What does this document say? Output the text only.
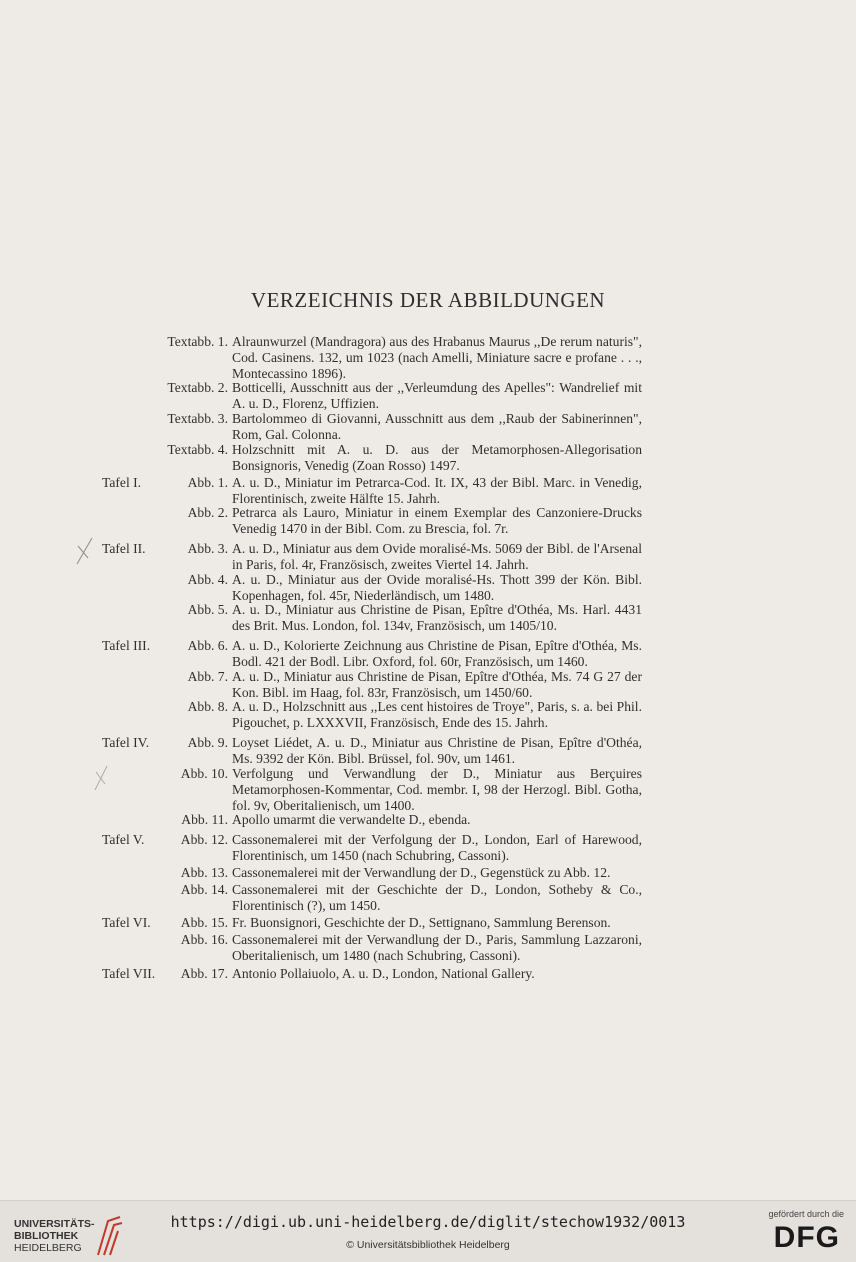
VERZEICHNIS DER ABBILDUNGEN
Textabb. 1. Alraunwurzel (Mandragora) aus des Hrabanus Maurus ,,De rerum naturis", Cod. Casinens. 132, um 1023 (nach Amelli, Miniature sacre e profane . . ., Montecassino 1896).
Textabb. 2. Botticelli, Ausschnitt aus der ,,Verleumdung des Apelles": Wandrelief mit A. u. D., Florenz, Uffizien.
Textabb. 3. Bartolommeo di Giovanni, Ausschnitt aus dem ,,Raub der Sabinerinnen", Rom, Gal. Colonna.
Textabb. 4. Holzschnitt mit A. u. D. aus der Metamorphosen-Allegorisation Bonsignoris, Venedig (Zoan Rosso) 1497.
Tafel I.	Abb. 1. A. u. D., Miniatur im Petrarca-Cod. It. IX, 43 der Bibl. Marc. in Venedig, Florentinisch, zweite Hälfte 15. Jahrh.
Abb. 2. Petrarca als Lauro, Miniatur in einem Exemplar des Canzoniere-Drucks Venedig 1470 in der Bibl. Com. zu Brescia, fol. 7r.
Tafel II.	Abb. 3. A. u. D., Miniatur aus dem Ovide moralisé-Ms. 5069 der Bibl. de l'Arsenal in Paris, fol. 4r, Französisch, zweites Viertel 14. Jahrh.
Abb. 4. A. u. D., Miniatur aus der Ovide moralisé-Hs. Thott 399 der Kön. Bibl. Kopenhagen, fol. 45r, Niederländisch, um 1480.
Abb. 5. A. u. D., Miniatur aus Christine de Pisan, Epître d'Othéa, Ms. Harl. 4431 des Brit. Mus. London, fol. 134v, Französisch, um 1405/10.
Tafel III.	Abb. 6. A. u. D., Kolorierte Zeichnung aus Christine de Pisan, Epître d'Othéa, Ms. Bodl. 421 der Bodl. Libr. Oxford, fol. 60r, Französisch, um 1460.
Abb. 7. A. u. D., Miniatur aus Christine de Pisan, Epître d'Othéa, Ms. 74 G 27 der Kon. Bibl. im Haag, fol. 83r, Französisch, um 1450/60.
Abb. 8. A. u. D., Holzschnitt aus ,,Les cent histoires de Troye", Paris, s. a. bei Phil. Pigouchet, p. LXXXVII, Französisch, Ende des 15. Jahrh.
Tafel IV.	Abb. 9. Loyset Liédet, A. u. D., Miniatur aus Christine de Pisan, Epître d'Othéa, Ms. 9392 der Kön. Bibl. Brüssel, fol. 90v, um 1461.
Abb. 10. Verfolgung und Verwandlung der D., Miniatur aus Berçuires Metamorphosen-Kommentar, Cod. membr. I, 98 der Herzogl. Bibl. Gotha, fol. 9v, Oberitalienisch, um 1400.
Abb. 11. Apollo umarmt die verwandelte D., ebenda.
Tafel V.	Abb. 12. Cassonemalerei mit der Verfolgung der D., London, Earl of Harewood, Florentinisch, um 1450 (nach Schubring, Cassoni).
Abb. 13. Cassonemalerei mit der Verwandlung der D., Gegenstück zu Abb. 12.
Abb. 14. Cassonemalerei mit der Geschichte der D., London, Sotheby & Co., Florentinisch (?), um 1450.
Tafel VI. Abb. 15. Fr. Buonsignori, Geschichte der D., Settignano, Sammlung Berenson.
Abb. 16. Cassonemalerei mit der Verwandlung der D., Paris, Sammlung Lazzaroni, Oberitalienisch, um 1480 (nach Schubring, Cassoni).
Tafel VII. Abb. 17. Antonio Pollaiuolo, A. u. D., London, National Gallery.
UNIVERSITÄTS-
BIBLIOTHEK
HEIDELBERG
https://digi.ub.uni-heidelberg.de/diglit/stechow1932/0013
© Universitätsbibliothek Heidelberg
gefördert durch die
DFG
